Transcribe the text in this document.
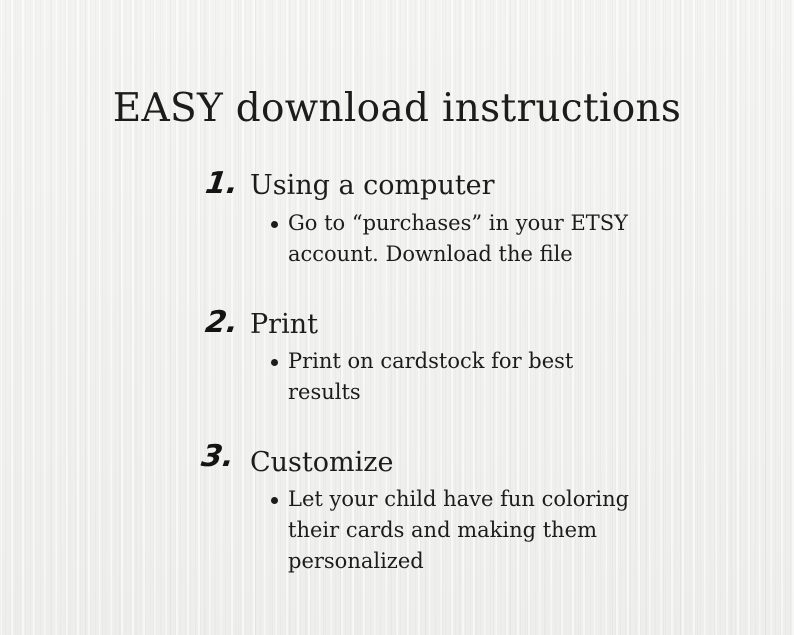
EASY download instructions
1. Using a computer
Go to “purchases” in your ETSY
account. Download the file
2. Print
Print on cardstock for best
results
3. Customize
Let your child have fun coloring
their cards and making them
personalized
